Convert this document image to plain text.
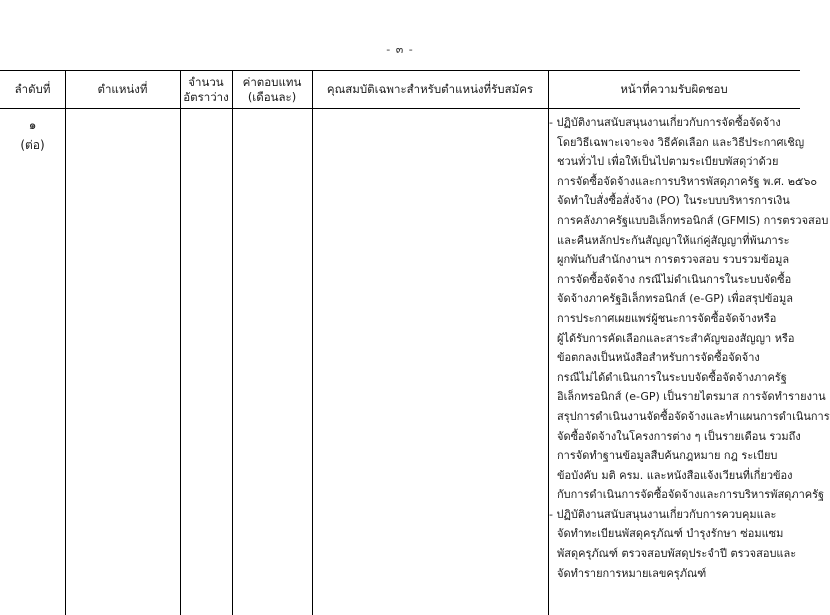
- ๓ -
ลำดับที่	ตำแหน่งที่
จำนวน
อัตราว่าง
ค่าตอบแทน
(เดือนละ)
คุณสมบัติเฉพาะสำหรับตำแหน่งที่รับสมัคร	หน้าที่ความรับผิดชอบ
๑
(ต่อ)
- ปฏิบัติงานสนับสนุนงานเกี่ยวกับการจัดซื้อจัดจ้าง
โดยวิธีเฉพาะเจาะจง วิธีคัดเลือก และวิธีประกาศเชิญ
ชวนทั่วไป เพื่อให้เป็นไปตามระเบียบพัสดุว่าด้วย
การจัดซื้อจัดจ้างและการบริหารพัสดุภาครัฐ พ.ศ. ๒๕๖๐
จัดทำใบสั่งซื้อสั่งจ้าง (PO) ในระบบบริหารการเงิน
การคลังภาครัฐแบบอิเล็กทรอนิกส์ (GFMIS) การตรวจสอบ
และคืนหลักประกันสัญญาให้แก่คู่สัญญาที่พ้นภาระ
ผูกพันกับสำนักงานฯ การตรวจสอบ รวบรวมข้อมูล
การจัดซื้อจัดจ้าง กรณีไม่ดำเนินการในระบบจัดซื้อ
จัดจ้างภาครัฐอิเล็กทรอนิกส์ (e-GP) เพื่อสรุปข้อมูล
การประกาศเผยแพร่ผู้ชนะการจัดซื้อจัดจ้างหรือ
ผู้ได้รับการคัดเลือกและสาระสำคัญของสัญญา หรือ
ข้อตกลงเป็นหนังสือสำหรับการจัดซื้อจัดจ้าง
กรณีไม่ได้ดำเนินการในระบบจัดซื้อจัดจ้างภาครัฐ
อิเล็กทรอนิกส์ (e-GP) เป็นรายไตรมาส การจัดทำรายงาน
สรุปการดำเนินงานจัดซื้อจัดจ้างและทำแผนการดำเนินการ
จัดซื้อจัดจ้างในโครงการต่าง ๆ เป็นรายเดือน รวมถึง
การจัดทำฐานข้อมูลสืบค้นกฎหมาย กฎ ระเบียบ
ข้อบังคับ มติ ครม. และหนังสือแจ้งเวียนที่เกี่ยวข้อง
กับการดำเนินการจัดซื้อจัดจ้างและการบริหารพัสดุภาครัฐ
- ปฏิบัติงานสนับสนุนงานเกี่ยวกับการควบคุมและ
จัดทำทะเบียนพัสดุครุภัณฑ์ บำรุงรักษา ซ่อมแซม
พัสดุครุภัณฑ์ ตรวจสอบพัสดุประจำปี ตรวจสอบและ
จัดทำรายการหมายเลขครุภัณฑ์
